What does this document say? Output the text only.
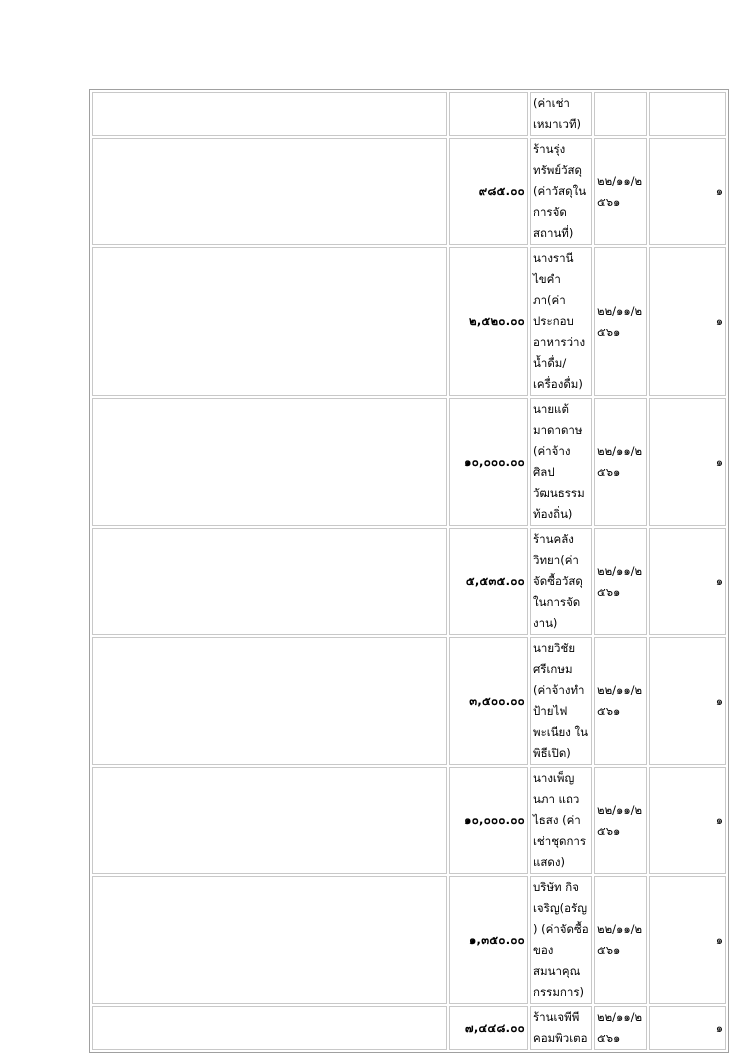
		(ค่าเช่าเหมาเวที)		

	๙๘๕.๐๐	ร้านรุ่งทรัพย์วัสดุ (ค่าวัสดุในการจัดสถานที่)	๒๒/๑๑/๒๕๖๑	๑
	๒,๕๒๐.๐๐	นางรานี ไขคำภา(ค่าประกอบอาหารว่าง น้ำดื่ม/เครื่องดื่ม)	๒๒/๑๑/๒๕๖๑	๑
	๑๐,๐๐๐.๐๐	นายแต้ มาดาดาษ (ค่าจ้างศิลปวัฒนธรรมท้องถิ่น)	๒๒/๑๑/๒๕๖๑	๑
	๕,๕๓๕.๐๐	ร้านคลังวิทยา(ค่าจัดซื้อวัสดุในการจัดงาน)	๒๒/๑๑/๒๕๖๑	๑
	๓,๕๐๐.๐๐	นายวิชัย ศรีเกษม (ค่าจ้างทำป้ายไฟพะเนียง ในพิธีเปิด)	๒๒/๑๑/๒๕๖๑	๑
	๑๐,๐๐๐.๐๐	นางเพ็ญนภา แถวไธสง (ค่าเช่าชุดการแสดง)	๒๒/๑๑/๒๕๖๑	๑
	๑,๓๕๐.๐๐	บริษัท กิจเจริญ(อรัญ) (ค่าจัดซื้อของสมนาคุณกรรมการ)	๒๒/๑๑/๒๕๖๑	๑
	๗,๔๔๘.๐๐	ร้านเจพีพีคอมพิวเตอ	๒๒/๑๑/๒๕๖๑	๑
